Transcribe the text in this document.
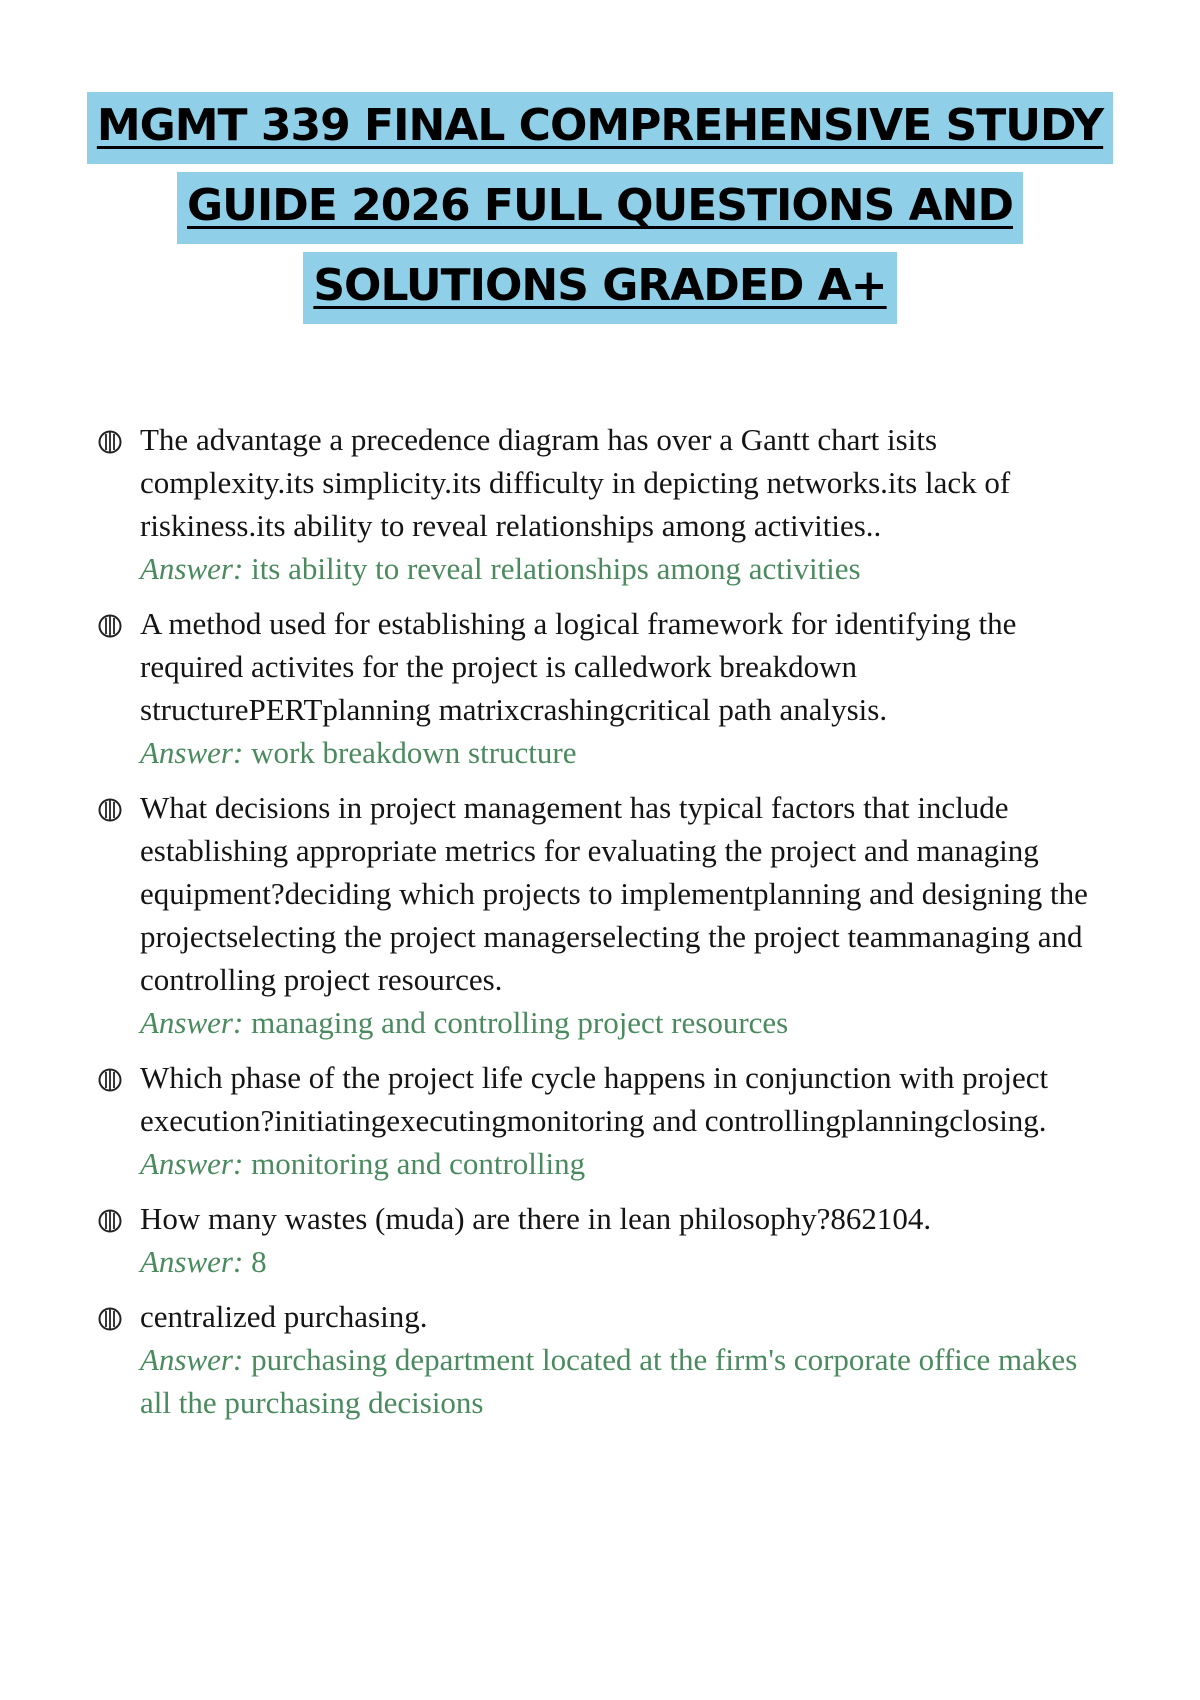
MGMT 339 FINAL COMPREHENSIVE STUDY
GUIDE 2026 FULL QUESTIONS AND
SOLUTIONS GRADED A+
The advantage a precedence diagram has over a Gantt chart isits complexity.its simplicity.its difficulty in depicting networks.its lack of riskiness.its ability to reveal relationships among activities..
Answer: its ability to reveal relationships among activities
A method used for establishing a logical framework for identifying the required activites for the project is calledwork breakdown structurePERTplanning matrixcrashingcritical path analysis.
Answer: work breakdown structure
What decisions in project management has typical factors that include establishing appropriate metrics for evaluating the project and managing equipment?deciding which projects to implementplanning and designing the projectselecting the project managerselecting the project teammanaging and controlling project resources.
Answer: managing and controlling project resources
Which phase of the project life cycle happens in conjunction with project execution?initiatingexecutingmonitoring and controllingplanningclosing.
Answer: monitoring and controlling
How many wastes (muda) are there in lean philosophy?862104.
Answer: 8
centralized purchasing.
Answer: purchasing department located at the firm's corporate office makes all the purchasing decisions
